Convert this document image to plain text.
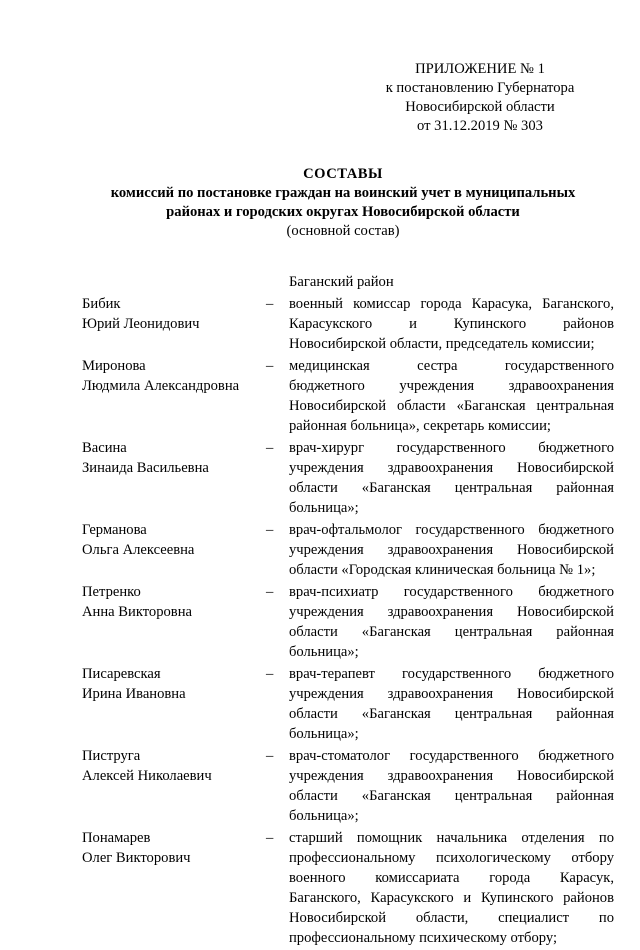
ПРИЛОЖЕНИЕ № 1
к постановлению Губернатора
Новосибирской области
от 31.12.2019 № 303
СОСТАВЫ
комиссий по постановке граждан на воинский учет в муниципальных
районах и городских округах Новосибирской области
(основной состав)
Баганский район
Бибик
Юрий Леонидович
– военный комиссар города Карасука, Баганского,
Карасукского и Купинского районов
Новосибирской области, председатель комиссии;
Миронова
Людмила Александровна
– медицинская сестра государственного
бюджетного учреждения здравоохранения
Новосибирской области «Баганская центральная
районная больница», секретарь комиссии;
Васина
Зинаида Васильевна
– врач-хирург государственного бюджетного
учреждения здравоохранения Новосибирской
области «Баганская центральная районная
больница»;
Германова
Ольга Алексеевна
– врач-офтальмолог государственного бюджетного
учреждения здравоохранения Новосибирской
области «Городская клиническая больница № 1»;
Петренко
Анна Викторовна
– врач-психиатр государственного бюджетного
учреждения здравоохранения Новосибирской
области «Баганская центральная районная
больница»;
Писаревская
Ирина Ивановна
– врач-терапевт государственного бюджетного
учреждения здравоохранения Новосибирской
области «Баганская центральная районная
больница»;
Пиструга
Алексей Николаевич
– врач-стоматолог государственного бюджетного
учреждения здравоохранения Новосибирской
области «Баганская центральная районная
больница»;
Понамарев
Олег Викторович
– старший помощник начальника отделения по
профессиональному психологическому отбору
военного комиссариата города Карасук,
Баганского, Карасукского и Купинского районов
Новосибирской области, специалист по
профессиональному психическому отбору;
